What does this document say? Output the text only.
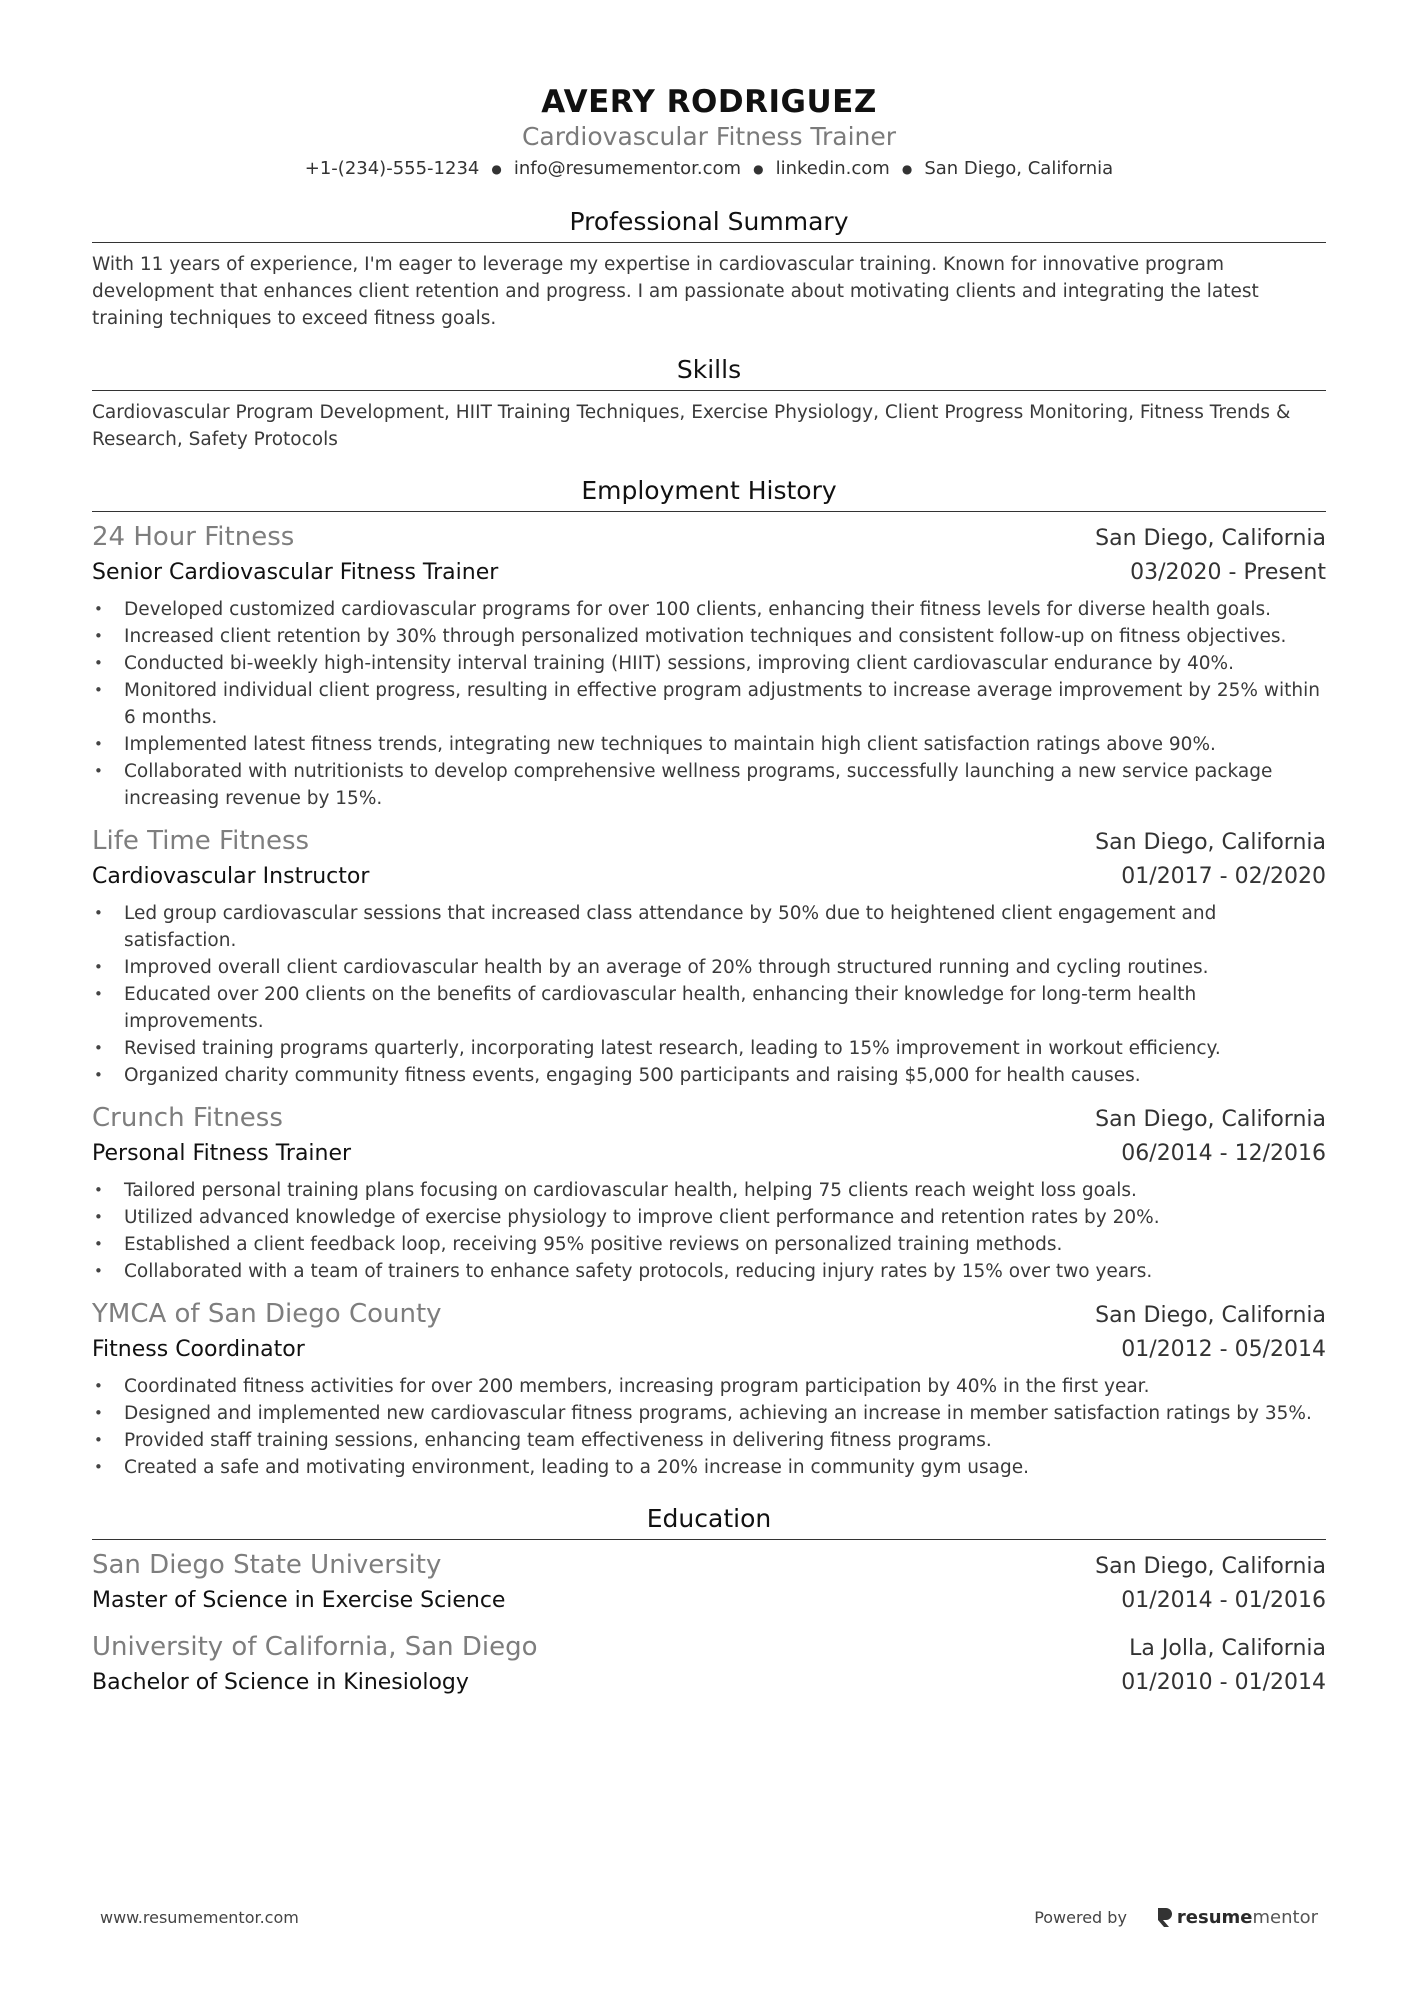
AVERY RODRIGUEZ
Cardiovascular Fitness Trainer
+1-(234)-555-1234 ● info@resumementor.com ● linkedin.com ● San Diego, California
Professional Summary
With 11 years of experience, I'm eager to leverage my expertise in cardiovascular training. Known for innovative program development that enhances client retention and progress. I am passionate about motivating clients and integrating the latest training techniques to exceed fitness goals.
Skills
Cardiovascular Program Development, HIIT Training Techniques, Exercise Physiology, Client Progress Monitoring, Fitness Trends & Research, Safety Protocols
Employment History
24 Hour Fitness	San Diego, California
Senior Cardiovascular Fitness Trainer	03/2020 - Present
• Developed customized cardiovascular programs for over 100 clients, enhancing their fitness levels for diverse health goals.
• Increased client retention by 30% through personalized motivation techniques and consistent follow-up on fitness objectives.
• Conducted bi-weekly high-intensity interval training (HIIT) sessions, improving client cardiovascular endurance by 40%.
• Monitored individual client progress, resulting in effective program adjustments to increase average improvement by 25% within 6 months.
• Implemented latest fitness trends, integrating new techniques to maintain high client satisfaction ratings above 90%.
• Collaborated with nutritionists to develop comprehensive wellness programs, successfully launching a new service package increasing revenue by 15%.
Life Time Fitness	San Diego, California
Cardiovascular Instructor	01/2017 - 02/2020
• Led group cardiovascular sessions that increased class attendance by 50% due to heightened client engagement and satisfaction.
• Improved overall client cardiovascular health by an average of 20% through structured running and cycling routines.
• Educated over 200 clients on the benefits of cardiovascular health, enhancing their knowledge for long-term health improvements.
• Revised training programs quarterly, incorporating latest research, leading to 15% improvement in workout efficiency.
• Organized charity community fitness events, engaging 500 participants and raising $5,000 for health causes.
Crunch Fitness	San Diego, California
Personal Fitness Trainer	06/2014 - 12/2016
• Tailored personal training plans focusing on cardiovascular health, helping 75 clients reach weight loss goals.
• Utilized advanced knowledge of exercise physiology to improve client performance and retention rates by 20%.
• Established a client feedback loop, receiving 95% positive reviews on personalized training methods.
• Collaborated with a team of trainers to enhance safety protocols, reducing injury rates by 15% over two years.
YMCA of San Diego County	San Diego, California
Fitness Coordinator	01/2012 - 05/2014
• Coordinated fitness activities for over 200 members, increasing program participation by 40% in the first year.
• Designed and implemented new cardiovascular fitness programs, achieving an increase in member satisfaction ratings by 35%.
• Provided staff training sessions, enhancing team effectiveness in delivering fitness programs.
• Created a safe and motivating environment, leading to a 20% increase in community gym usage.
Education
San Diego State University	San Diego, California
Master of Science in Exercise Science	01/2014 - 01/2016
University of California, San Diego	La Jolla, California
Bachelor of Science in Kinesiology	01/2010 - 01/2014
www.resumementor.com	Powered by	resume mentor
